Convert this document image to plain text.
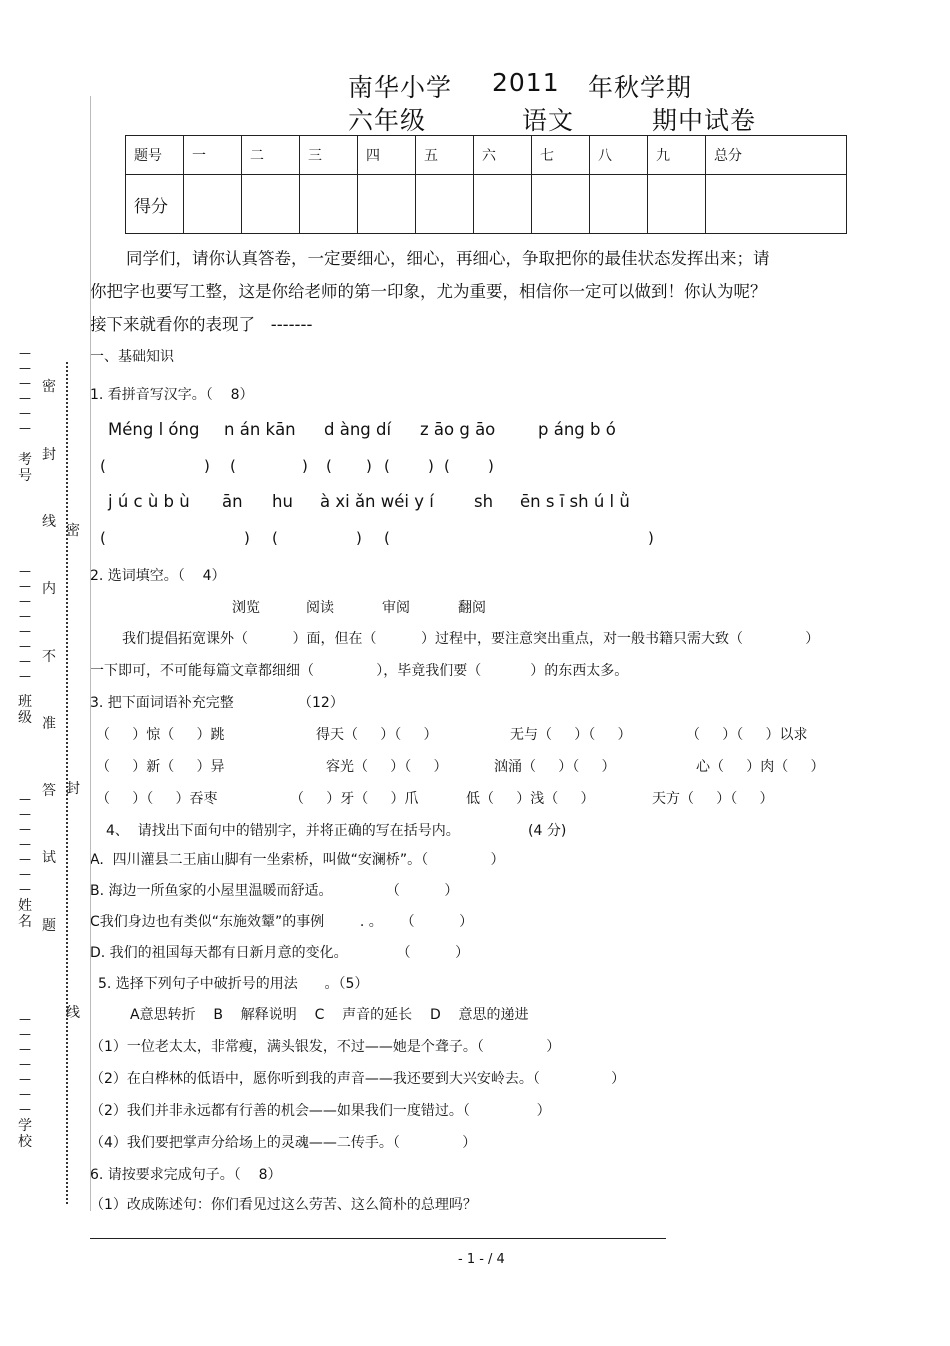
南华小学 2011 年秋学期
六年级	语文	期中试卷
题号	一	二	三	四	五	六	七	八	九	总分
得分										
同学们，请你认真答卷，一定要细心，细心，再细心，争取把你的最佳状态发挥出来；请
你把字也要写工整，这是你给老师的第一印象，尤为重要，相信你一定可以做到！你认为呢？
接下来就看你的表现了   -------
一、基础知识
1. 看拼音写汉字。（    8）
Méng l óng n án kān d àng dí z āo g āo	p áng b ó
(	) (	) ( ) (	) (	)
j ú c ù b ù ān hu à xi ǎn wéi y í sh ēn s ī sh ú l ǜ
(	) (	) (	)
2. 选词填空。（    4）
浏览	阅读	审阅	翻阅
我们提倡拓宽课外（          ）面，但在（          ）过程中，要注意突出重点，对一般书籍只需大致（              ）
一下即可，不可能每篇文章都细细（              ），毕竟我们要（           ）的东西太多。
3. 把下面词语补充完整	（12）
（     ）惊（     ）跳	得天（     ）（     ）	无与（     ）（     ）	（     ）（     ）以求
（     ）新（     ）异	容光（     ）（     ）	汹涌（     ）（     ）	心（     ）肉（     ）
（     ）（     ）吞枣	（     ）牙（     ）爪	低（     ）浅（     ）	天方（     ）（     ）
4、  请找出下面句中的错别字，并将正确的写在括号内。	(4 分)
A.  四川灌县二王庙山脚有一坐索桥，叫做“安澜桥”。（              ）
B. 海边一所鱼家的小屋里温暖而舒适。            （          ）
C我们身边也有类似“东施效颦”的事例        . 。    （          ）
D. 我们的祖国每天都有日新月意的变化。           （          ）
5. 选择下列句子中破折号的用法      。（5）
A意思转折    B    解释说明    C    声音的延长    D    意思的递进
（1）一位老太太，非常瘦，满头银发，不过——她是个聋子。（              ）
（2）在白桦林的低语中，愿你听到我的声音——我还要到大兴安岭去。（                ）
（2）我们并非永远都有行善的机会——如果我们一度错过。（               ）
（4）我们要把掌声分给场上的灵魂——二传手。（              ）
6. 请按要求完成句子。（    8）
（1）改成陈述句：你们看见过这么劳苦、这么简朴的总理吗？
密
封
线
内
不
准
答
试
题
密
封
线
—
—
—
—
—
—
考号
—
—
—
—
—
—
—
—
班级
—
—
—
—
—
—
—
姓名
—
—
—
—
—
—
—
学校
- 1 - / 4
